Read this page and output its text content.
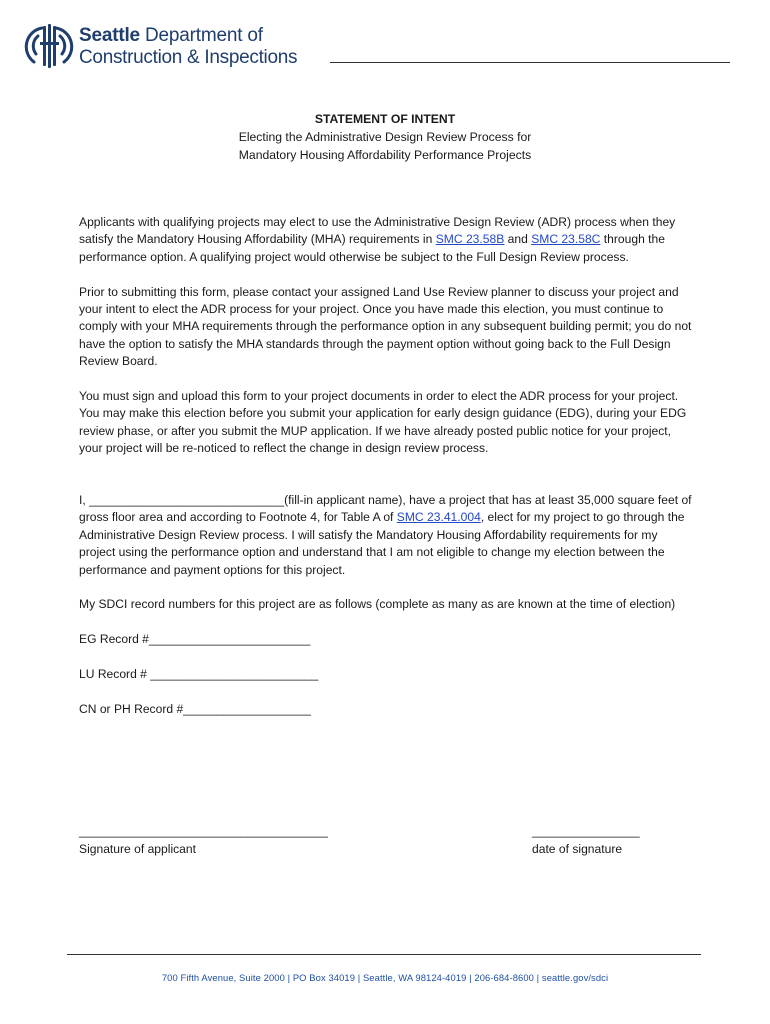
Seattle Department of
Construction & Inspections
STATEMENT OF INTENT
Electing the Administrative Design Review Process for
Mandatory Housing Affordability Performance Projects

Applicants with qualifying projects may elect to use the Administrative Design Review (ADR) process when they satisfy the Mandatory Housing Affordability (MHA) requirements in SMC 23.58B and SMC 23.58C through the performance option. A qualifying project would otherwise be subject to the Full Design Review process.

Prior to submitting this form, please contact your assigned Land Use Review planner to discuss your project and your intent to elect the ADR process for your project. Once you have made this election, you must continue to comply with your MHA requirements through the performance option in any subsequent building permit; you do not have the option to satisfy the MHA standards through the payment option without going back to the Full Design Review Board.

You must sign and upload this form to your project documents in order to elect the ADR process for your project. You may make this election before you submit your application for early design guidance (EDG), during your EDG review phase, or after you submit the MUP application. If we have already posted public notice for your project, your project will be re-noticed to reflect the change in design review process.

I, _____________________________(fill-in applicant name), have a project that has at least 35,000 square feet of gross floor area and according to Footnote 4, for Table A of SMC 23.41.004, elect for my project to go through the Administrative Design Review process. I will satisfy the Mandatory Housing Affordability requirements for my project using the performance option and understand that I am not eligible to change my election between the performance and payment options for this project.

My SDCI record numbers for this project are as follows (complete as many as are known at the time of election)

EG Record #________________________

LU Record # _________________________

CN or PH Record #___________________

_____________________________________
Signature of applicant
________________
date of signature
700 Fifth Avenue, Suite 2000 | PO Box 34019 | Seattle, WA 98124-4019 | 206-684-8600 | seattle.gov/sdci
